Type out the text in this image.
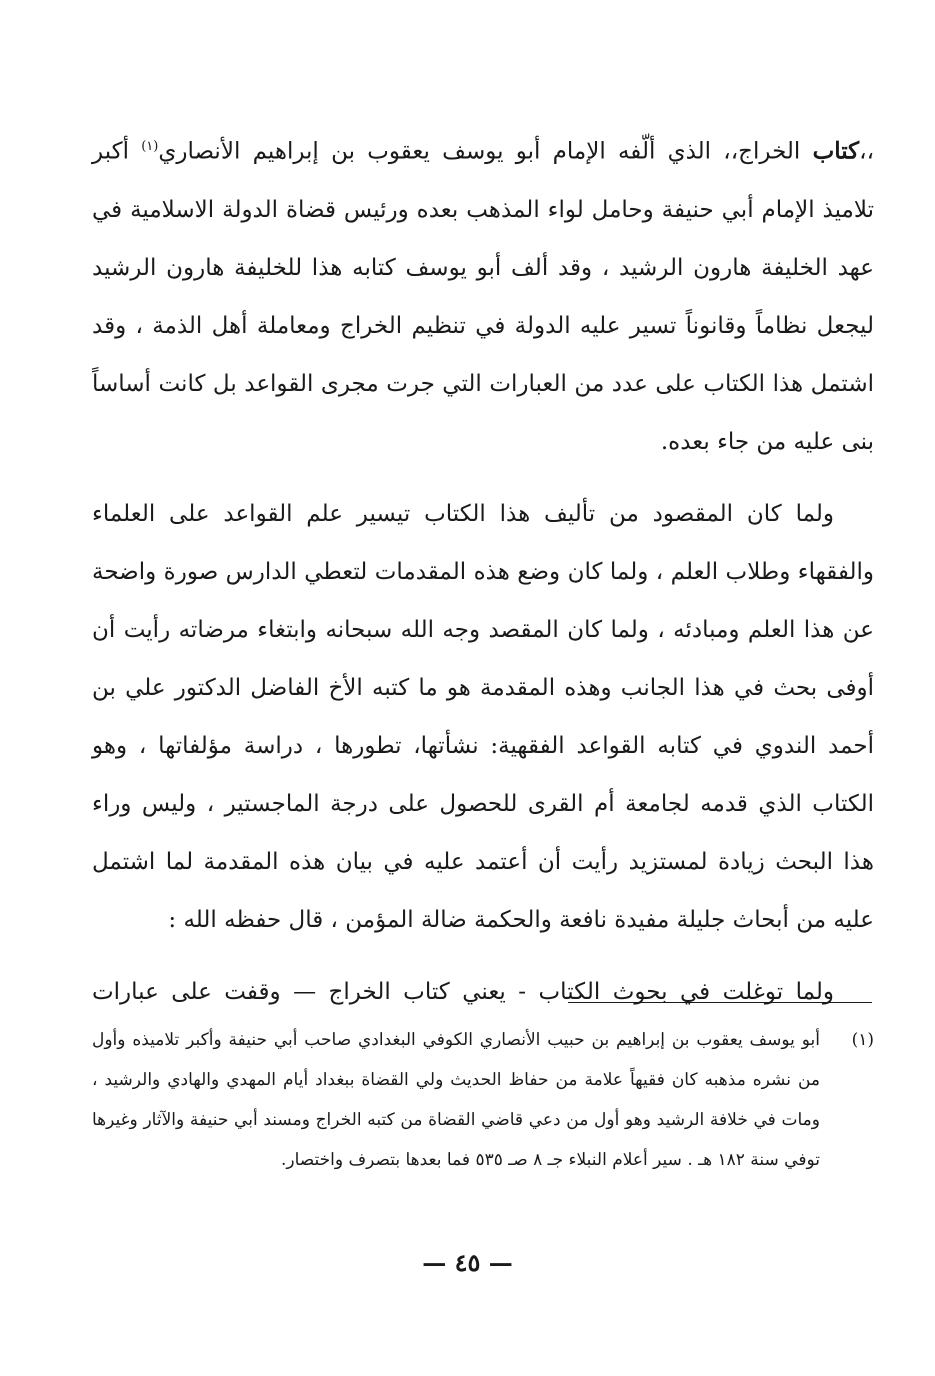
،،كتاب الخراج،، الذي ألّفه الإمام أبو يوسف يعقوب بن إبراهيم الأنصاري$^{(١)}$ أكبر تلاميذ الإمام أبي حنيفة وحامل لواء المذهب بعده ورئيس قضاة الدولة الاسلامية في عهد الخليفة هارون الرشيد ، وقد ألف أبو يوسف كتابه هذا للخليفة هارون الرشيد ليجعل نظاماً وقانوناً تسير عليه الدولة في تنظيم الخراج ومعاملة أهل الذمة ، وقد اشتمل هذا الكتاب على عدد من العبارات التي جرت مجرى القواعد بل كانت أساساً بنى عليه من جاء بعده.

ولما كان المقصود من تأليف هذا الكتاب تيسير علم القواعد على العلماء والفقهاء وطلاب العلم ، ولما كان وضع هذه المقدمات لتعطي الدارس صورة واضحة عن هذا العلم ومبادئه ، ولما كان المقصد وجه الله سبحانه وابتغاء مرضاته رأيت أن أوفى بحث في هذا الجانب وهذه المقدمة هو ما كتبه الأخ الفاضل الدكتور علي بن أحمد الندوي في كتابه القواعد الفقهية: نشأتها، تطورها ، دراسة مؤلفاتها ، وهو الكتاب الذي قدمه لجامعة أم القرى للحصول على درجة الماجستير ، وليس وراء هذا البحث زيادة لمستزيد رأيت أن أعتمد عليه في بيان هذه المقدمة لما اشتمل عليه من أبحاث جليلة مفيدة نافعة والحكمة ضالة المؤمن ، قال حفظه الله :

ولما توغلت في بحوث الكتاب - يعني كتاب الخراج — وقفت على عبارات

(١)

أبو يوسف يعقوب بن إبراهيم بن حبيب الأنصاري الكوفي البغدادي صاحب أبي حنيفة وأكبر تلاميذه وأول من نشره مذهبه كان فقيهاً علامة من حفاظ الحديث ولي القضاة ببغداد أيام المهدي والهادي والرشيد ، ومات في خلافة الرشيد وهو أول من دعي قاضي القضاة من كتبه الخراج ومسند أبي حنيفة والآثار وغيرها توفي سنة ١٨٢ هـ . سير أعلام النبلاء جـ ٨ صـ ٥٣٥ فما بعدها بتصرف واختصار.

— ٤٥ —
